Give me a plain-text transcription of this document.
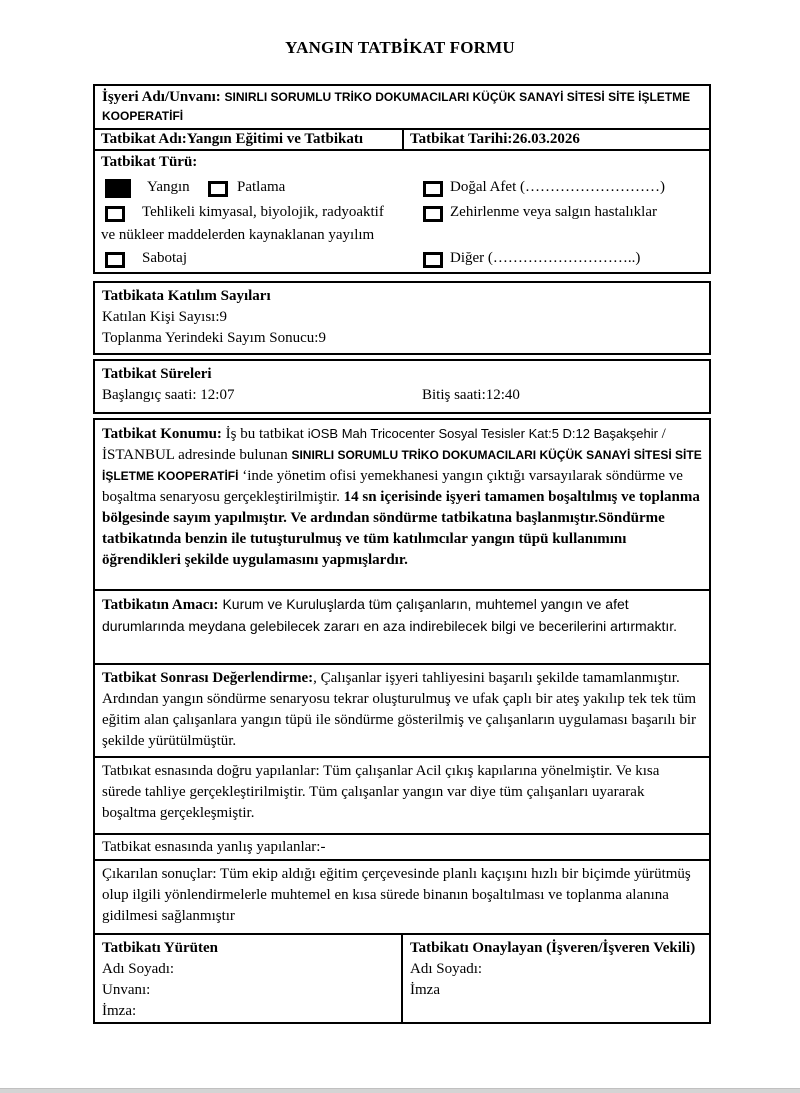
YANGIN TATBİKAT FORMU
İşyeri Adı/Unvanı: SINIRLI SORUMLU TRİKO DOKUMACILARI KÜÇÜK SANAYİ SİTESİ SİTE İŞLETME KOOPERATİFİ
Tatbikat Adı:Yangın Eğitimi ve Tatbikatı	Tatbikat Tarihi:26.03.2026
Tatbikat Türü:
Yangın	Patlama	Doğal Afet (………………………)
Tehlikeli kimyasal, biyolojik, radyoaktif	Zehirlenme veya salgın hastalıklar
ve nükleer maddelerden kaynaklanan yayılım
Sabotaj	Diğer (………………………..)
Tatbikata Katılım Sayıları
Katılan Kişi Sayısı:9
Toplanma Yerindeki Sayım Sonucu:9
Tatbikat Süreleri
Başlangıç saati: 12:07	Bitiş saati:12:40
Tatbikat Konumu: İş bu tatbikat iOSB Mah Tricocenter Sosyal Tesisler Kat:5 D:12 Başakşehir /İSTANBUL adresinde bulunan SINIRLI SORUMLU TRİKO DOKUMACILARI KÜÇÜK SANAYİ SİTESİ SİTE İŞLETME KOOPERATİFİ ‘inde yönetim ofisi yemekhanesi yangın çıktığı varsayılarak söndürme ve boşaltma senaryosu gerçekleştirilmiştir. 14 sn içerisinde işyeri tamamen boşaltılmış ve toplanma bölgesinde sayım yapılmıştır. Ve ardından söndürme tatbikatına başlanmıştır.Söndürme tatbikatında benzin ile tutuşturulmuş ve tüm katılımcılar yangın tüpü kullanımını öğrendikleri şekilde uygulamasını yapmışlardır.
Tatbikatın Amacı: Kurum ve Kuruluşlarda tüm çalışanların, muhtemel yangın ve afet durumlarında meydana gelebilecek zararı en aza indirebilecek bilgi ve becerilerini artırmaktır.
Tatbikat Sonrası Değerlendirme:, Çalışanlar işyeri tahliyesini başarılı şekilde tamamlanmıştır. Ardından yangın söndürme senaryosu tekrar oluşturulmuş ve ufak çaplı bir ateş yakılıp tek tek tüm eğitim alan çalışanlara yangın tüpü ile söndürme gösterilmiş ve çalışanların uygulaması başarılı bir şekilde yürütülmüştür.
Tatbıkat esnasında doğru yapılanlar: Tüm çalışanlar Acil çıkış kapılarına yönelmiştir. Ve kısa sürede tahliye gerçekleştirilmiştir. Tüm çalışanlar yangın var diye tüm çalışanları uyararak boşaltma gerçekleşmiştir.
Tatbikat esnasında yanlış yapılanlar:-
Çıkarılan sonuçlar: Tüm ekip aldığı eğitim çerçevesinde planlı kaçışını hızlı bir biçimde yürütmüş olup ilgili yönlendirmelerle muhtemel en kısa sürede binanın boşaltılması ve toplanma alanına gidilmesi sağlanmıştır
Tatbikatı Yürüten
Adı Soyadı:
Unvanı:
İmza:
Tatbikatı Onaylayan (İşveren/İşveren Vekili)
Adı Soyadı:
İmza
